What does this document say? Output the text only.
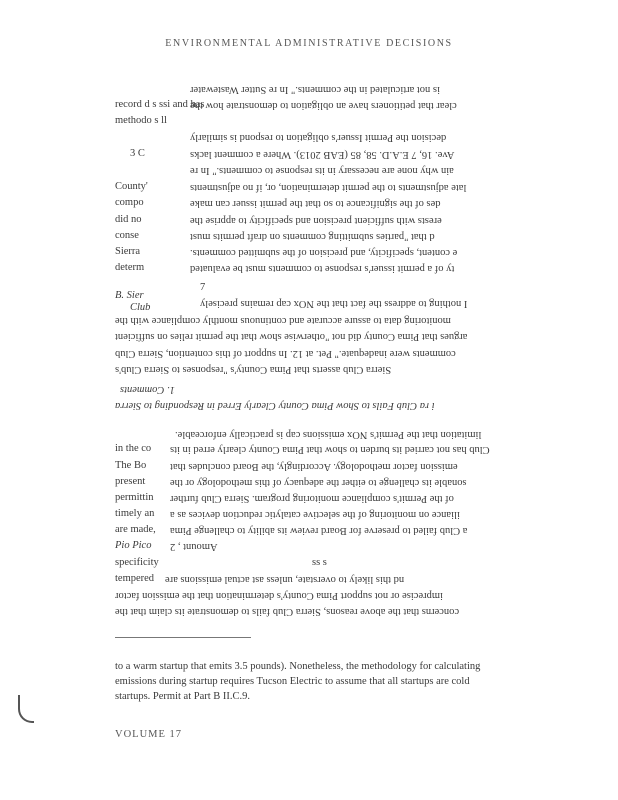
ENVIRONMENTAL ADMINISTRATIVE DECISIONS
is not articulated in the comments." In re Sutter Wastewater
clear that petitioners have an obligation to demonstrate how the
decision the Permit Issuer's obligation to respond is similarly
Ave. 16, 7 E.A.D. 58, 85 (EAB 2013). Where a comment lacks
ain why none are necessary in its response to comments." In re
late adjustments to the permit determination, or, if no adjustments
des of the significance to so that the permit issuer can make
erests with sufficient precision and specificity to apprise the
d that "parties submitting comments on draft permits must
e content, specificity, and precision of the submitted comments.
ty of a permit issuer's response to comments must be evaluated
record d s ssi and has
methodo s ll
3 C
County'
compo
did no
conse
Sierra
determ
B. Sier
7
Club	I nothing to address the fact that the NOx cap remains precisely
monitoring data to assure accurate and continuous monthly compliance with the
argues that Pima County did not "otherwise show that the permit relies on sufficient
comments were inadequate." Pet. at 12. In support of this contention, Sierra Club
Sierra Club asserts that Pima County's "responses to Sierra Club's
1. Comments
i ra Club Fails to Show Pima County Clearly Erred in Responding to Sierra
limitation that the Permit's NOx emissions cap is practically enforceable.
Club has not carried its burden to show that Pima County clearly erred in its
emission factor methodology. Accordingly, the Board concludes that
sonable its challenge to either the adequacy of this methodology or the
of the Permit's compliance monitoring program. Sierra Club further
iliance on monitoring of the selective catalytic reduction devices as a
a Club failed to preserve for Board review its ability to challenge Pima
Amount , 2
nd this likely to overstate, unless ast actual emissions are
imprecise or not support Pima County's determination that the emission factor
concerns that the above reasons, Sierra Club fails to demonstrate its claim that the
in the co
The Bo
present
permittin
timely an
are made,
Pio Pico
specificity
tempered
ss s
to a warm startup that emits 3.5 pounds). Nonetheless, the methodology for calculating
emissions during startup requires Tucson Electric to assume that all startups are cold
startups. Permit at Part B II.C.9.
VOLUME 17
